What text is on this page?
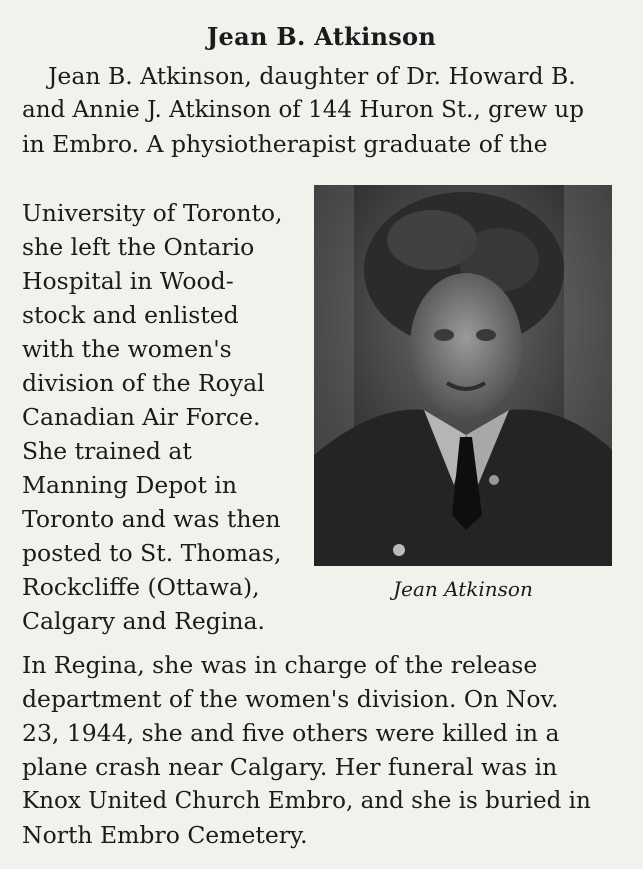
Jean B. Atkinson
Jean B. Atkinson, daughter of Dr. Howard B.
and Annie J. Atkinson of 144 Huron St., grew up
in Embro. A physiotherapist graduate of the
University of Toronto,
she left the Ontario
Hospital in Wood-
stock and enlisted
with the women's
division of the Royal
Canadian Air Force.
She trained at
Manning Depot in
Toronto and was then
posted to St. Thomas,
Rockcliffe (Ottawa),
Calgary and Regina.
Jean Atkinson
In Regina, she was in charge of the release
department of the women's division. On Nov.
23, 1944, she and five others were killed in a
plane crash near Calgary. Her funeral was in
Knox United Church Embro, and she is buried in
North Embro Cemetery.
